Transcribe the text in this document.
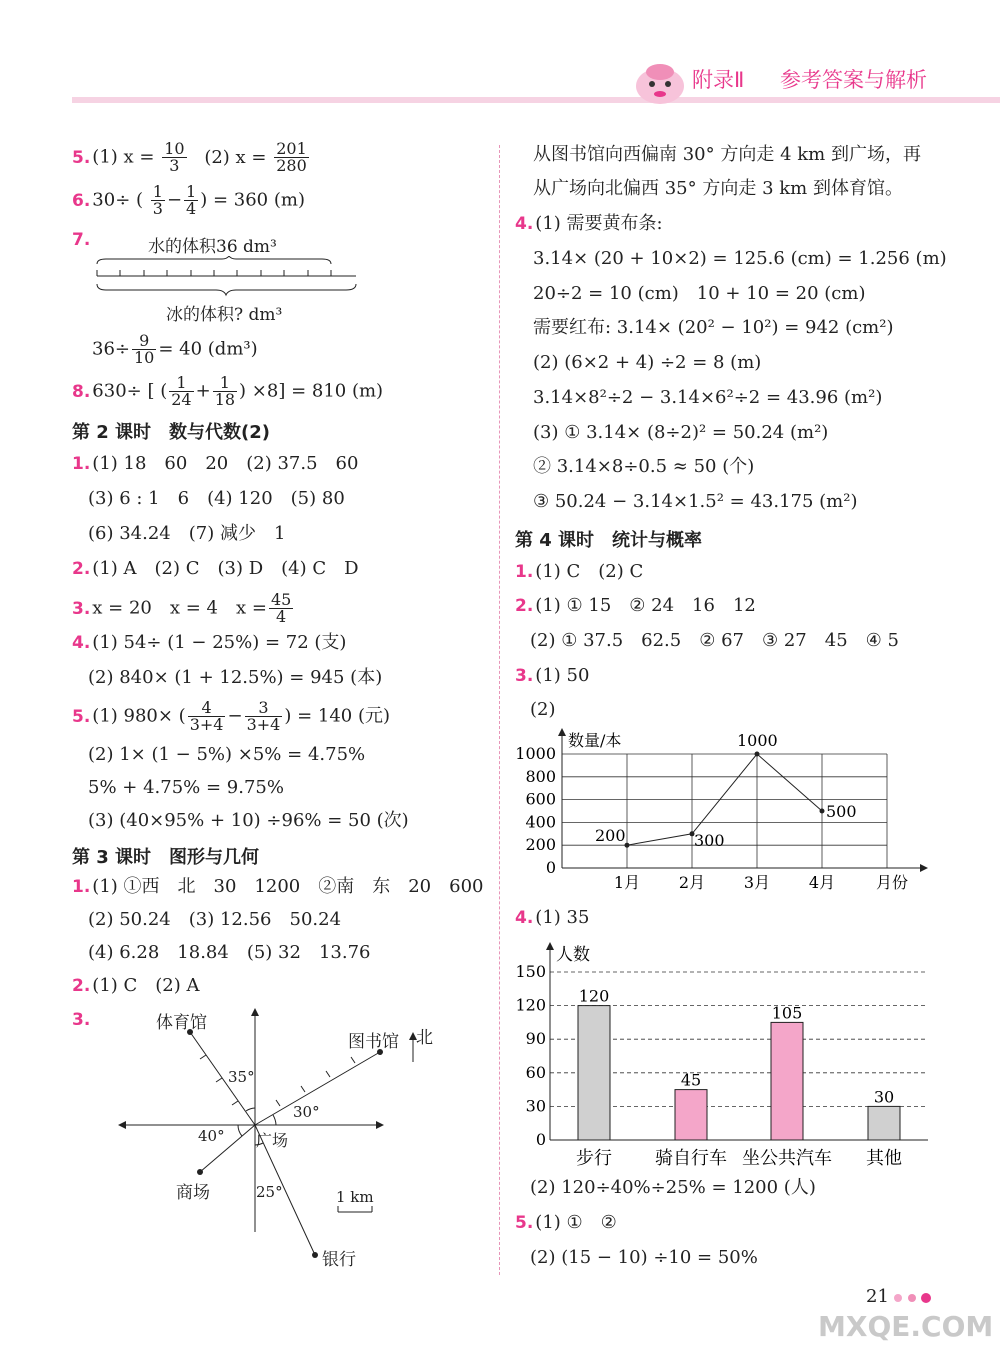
附录Ⅱ 参考答案与解析
5. (1) $x = \frac{10}{3} (2) x = \frac{201}{280}$
6. 30÷ ( $\frac{1}{3} - \frac{1}{4}$ ) = 360 (m)
7.	水的体积36 dm³
冰的体积? dm³
$36\div \frac{9}{10} = 40$ (dm³)
8. 630÷ [ ( $\frac{1}{24} + \frac{1}{18}$ ) ×8] = 810 (m)
第 2 课时　数与代数(2)
1. (1) 18　60　20　(2) 37.5　60
(3) 6 : 1　6　(4) 120　(5) 80
(6) 34.24　(7) 减少　1
2. (1) A　(2) C　(3) D　(4) C　D
3. x = 20　x = 4　$x = \frac{45}{4}$
4. (1) 54÷ (1 − 25%) = 72 (支)
(2) 840× (1 + 12.5%) = 945 (本)
5. (1) 980× ( $\frac{4}{3+4} - \frac{3}{3+4}$ ) = 140 (元)
(2) 1× (1 − 5%) ×5% = 4.75%
5% + 4.75% = 9.75%
(3) (40×95% + 10) ÷96% = 50 (次)
第 3 课时　图形与几何
1. (1) ①西　北　30　1200　②南　东　20　600
(2) 50.24　(3) 12.56　50.24
(4) 6.28　18.84　(5) 32　13.76
2. (1) C　(2) A
3.	体育馆
图书馆 北
35°
30°
40° 广场
商场	25°	1 km
银行
从图书馆向西偏南 30° 方向走 4 km 到广场，再
从广场向北偏西 35° 方向走 3 km 到体育馆。
4. (1) 需要黄布条:
3.14× (20 + 10×2) = 125.6 (cm) = 1.256 (m)
20÷2 = 10 (cm)　10 + 10 = 20 (cm)
需要红布: 3.14× (20² − 10²) = 942 (cm²)
(2) (6×2 + 4) ÷2 = 8 (m)
3.14×8²÷2 − 3.14×6²÷2 = 43.96 (m²)
(3) ① 3.14× (8÷2)² = 50.24 (m²)
② 3.14×8÷0.5 ≈ 50 (个)
③ 50.24 − 3.14×1.5² = 43.175 (m²)
第 4 课时　统计与概率
1. (1) C　(2) C
2. (1) ① 15　② 24　16　12
(2) ① 37.5　62.5　② 67　③ 27　45　④ 5
3. (1) 50
(2)
数量/本
月份
0
200
400
600
800
1000
200
1月
300
2月
1000
3月
500
4月
4. (1) 35
人数
0
30
60
90
120
150
120
步行
45
骑自行车
105
坐公共汽车
30
其他
(2) 120÷40%÷25% = 1200 (人)
5. (1) ①　②
(2) (15 − 10) ÷10 = 50%
21
MXQE.COM
